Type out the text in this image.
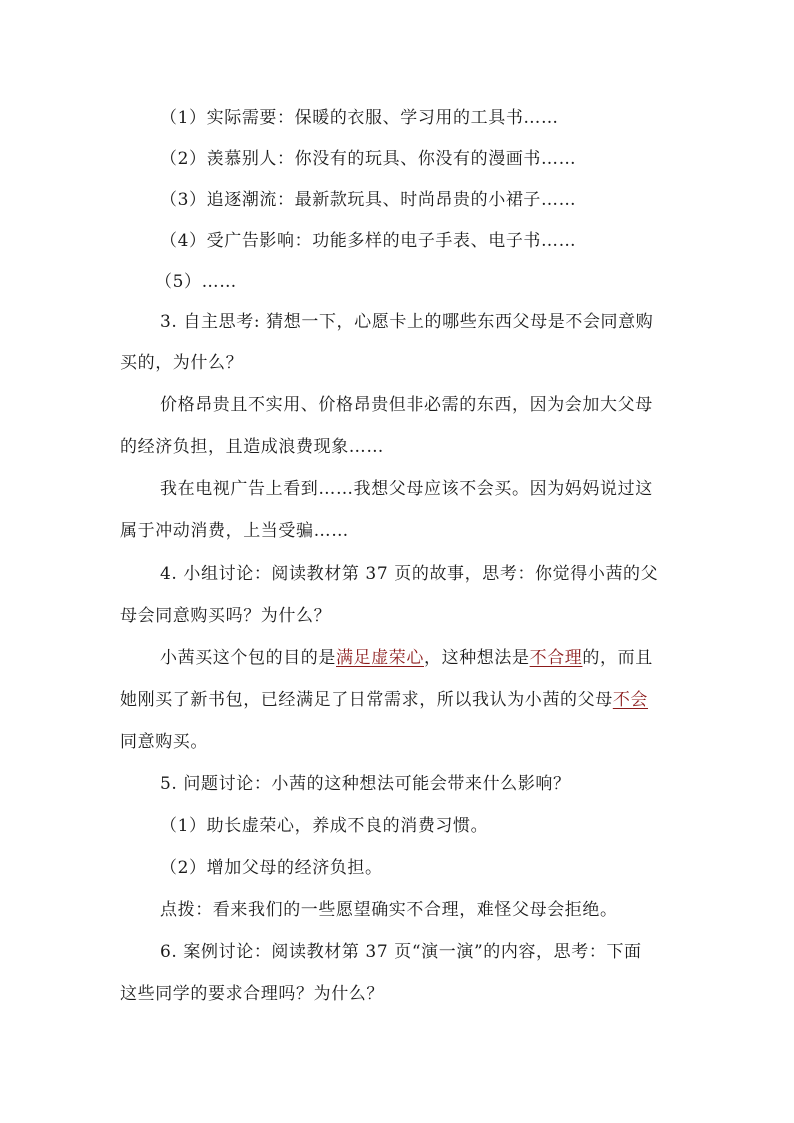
（1）实际需要：保暖的衣服、学习用的工具书……
（2）羡慕别人：你没有的玩具、你没有的漫画书……
（3）追逐潮流：最新款玩具、时尚昂贵的小裙子……
（4）受广告影响：功能多样的电子手表、电子书……
（5）……
3. 自主思考: 猜想一下，心愿卡上的哪些东西父母是不会同意购
买的，为什么？
价格昂贵且不实用、价格昂贵但非必需的东西，因为会加大父母
的经济负担，且造成浪费现象……
我在电视广告上看到……我想父母应该不会买。因为妈妈说过这
属于冲动消费，上当受骗……
4. 小组讨论：阅读教材第 37 页的故事，思考：你觉得小茜的父
母会同意购买吗？为什么？
小茜买这个包的目的是满足虚荣心，这种想法是不合理的，而且
她刚买了新书包，已经满足了日常需求，所以我认为小茜的父母不会
同意购买。
5. 问题讨论：小茜的这种想法可能会带来什么影响？
（1）助长虚荣心，养成不良的消费习惯。
（2）增加父母的经济负担。
点拨：看来我们的一些愿望确实不合理，难怪父母会拒绝。
6. 案例讨论：阅读教材第 37 页“演一演”的内容，思考：下面
这些同学的要求合理吗？为什么？
